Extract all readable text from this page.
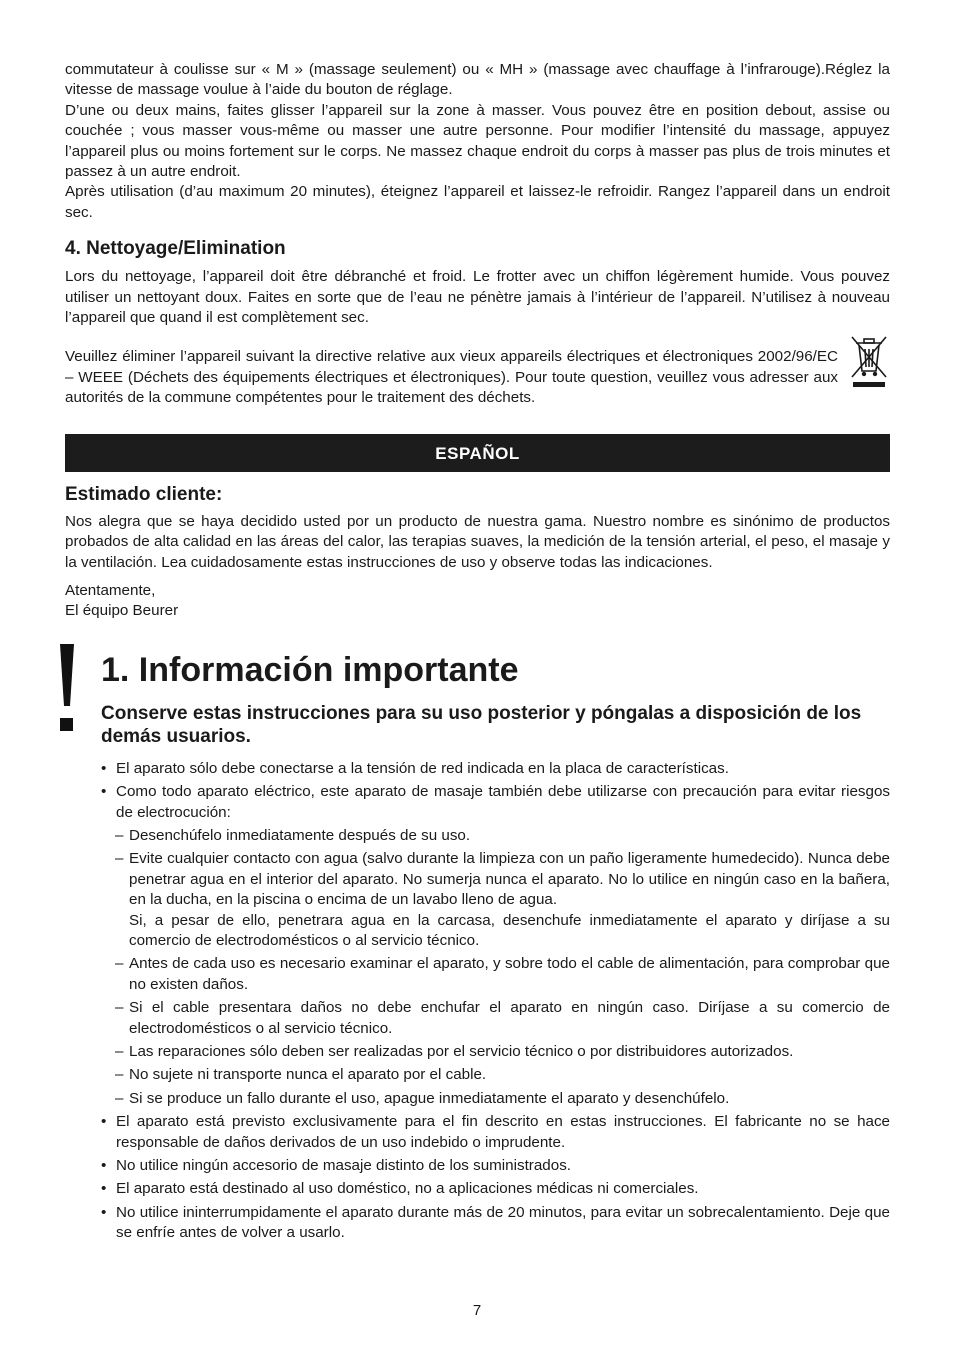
commutateur à coulisse sur « M » (massage seulement) ou « MH » (massage avec chauffage à l’infrarouge).Réglez la vitesse de massage voulue à l’aide du bouton de réglage.

D’une ou deux mains, faites glisser l’appareil sur la zone à masser. Vous pouvez être en position debout, assise ou couchée ; vous masser vous-même ou masser une autre personne. Pour modifier l’intensité du massage, appuyez l’appareil plus ou moins fortement sur le corps. Ne massez chaque endroit du corps à masser pas plus de trois minutes et passez à un autre endroit.

Après utilisation (d’au maximum 20 minutes), éteignez l’appareil et laissez-le refroidir. Rangez l’appareil dans un endroit sec.

4. Nettoyage/Elimination

Lors du nettoyage, l’appareil doit être débranché et froid. Le frotter avec un chiffon légèrement humide. Vous pouvez utiliser un nettoyant doux. Faites en sorte que de l’eau ne pénètre jamais à l’intérieur de l’appareil. N’utilisez à nouveau l’appareil que quand il est complètement sec.

Veuillez éliminer l’appareil suivant la directive relative aux vieux appareils électriques et électroniques 2002/96/EC – WEEE (Déchets des équipements électriques et électroniques). Pour toute question, veuillez vous adresser aux autorités de la commune compétentes pour le traitement des déchets.

ESPAÑOL
Estimado cliente:

Nos alegra que se haya decidido usted por un producto de nuestra gama. Nuestro nombre es sinónimo de productos probados de alta calidad en las áreas del calor, las terapias suaves, la medición de la tensión arterial, el peso, el masaje y la ventilación. Lea cuidadosamente estas instrucciones de uso y observe todas las indicaciones.

Atentamente,

El équipo Beurer

1. Información importante
Conserve estas instrucciones para su uso posterior y póngalas a disposición de los demás usuarios.
• El aparato sólo debe conectarse a la tensión de red indicada en la placa de características.
• Como todo aparato eléctrico, este aparato de masaje también debe utilizarse con precaución para evitar riesgos de electrocución:
– Desenchúfelo inmediatamente después de su uso.
– Evite cualquier contacto con agua (salvo durante la limpieza con un paño ligeramente humedecido). Nunca debe penetrar agua en el interior del aparato. No sumerja nunca el aparato. No lo utilice en ningún caso en la bañera, en la ducha, en la piscina o encima de un lavabo lleno de agua.
Si, a pesar de ello, penetrara agua en la carcasa, desenchufe inmediatamente el aparato y diríjase a su comercio de electrodomésticos o al servicio técnico.
– Antes de cada uso es necesario examinar el aparato, y sobre todo el cable de alimentación, para comprobar que no existen daños.
– Si el cable presentara daños no debe enchufar el aparato en ningún caso. Diríjase a su comercio de electrodomésticos o al servicio técnico.
– Las reparaciones sólo deben ser realizadas por el servicio técnico o por distribuidores autorizados.
– No sujete ni transporte nunca el aparato por el cable.
– Si se produce un fallo durante el uso, apague inmediatamente el aparato y desenchúfelo.
• El aparato está previsto exclusivamente para el fin descrito en estas instrucciones. El fabricante no se hace responsable de daños derivados de un uso indebido o imprudente.
• No utilice ningún accesorio de masaje distinto de los suministrados.
• El aparato está destinado al uso doméstico, no a aplicaciones médicas ni comerciales.
• No utilice ininterrumpidamente el aparato durante más de 20 minutos, para evitar un sobrecalentamiento. Deje que se enfríe antes de volver a usarlo.
7
